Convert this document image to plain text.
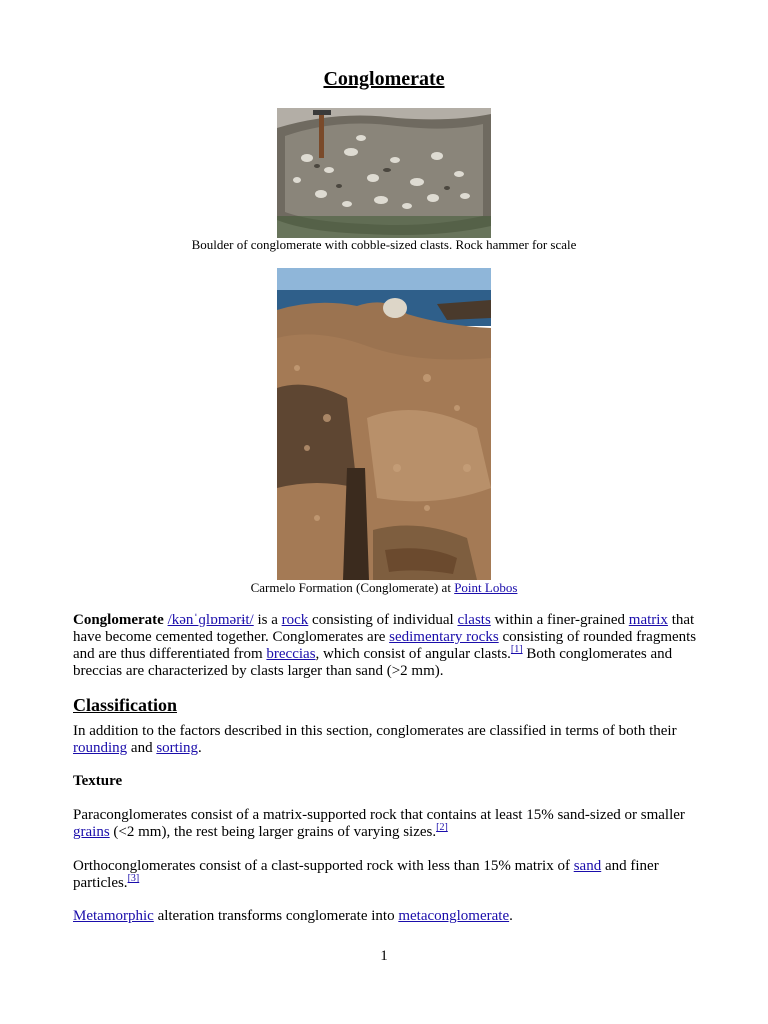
Conglomerate
Boulder of conglomerate with cobble-sized clasts. Rock hammer for scale
Carmelo Formation (Conglomerate) at Point Lobos
Conglomerate /kənˈɡlɒmərɨt/ is a rock consisting of individual clasts within a finer-grained matrix that have become cemented together. Conglomerates are sedimentary rocks consisting of rounded fragments and are thus differentiated from breccias, which consist of angular clasts.[1] Both conglomerates and breccias are characterized by clasts larger than sand (>2 mm).
Classification
In addition to the factors described in this section, conglomerates are classified in terms of both their rounding and sorting.
Texture
Paraconglomerates consist of a matrix-supported rock that contains at least 15% sand-sized or smaller grains (<2 mm), the rest being larger grains of varying sizes.[2]
Orthoconglomerates consist of a clast-supported rock with less than 15% matrix of sand and finer particles.[3]
Metamorphic alteration transforms conglomerate into metaconglomerate.
1
